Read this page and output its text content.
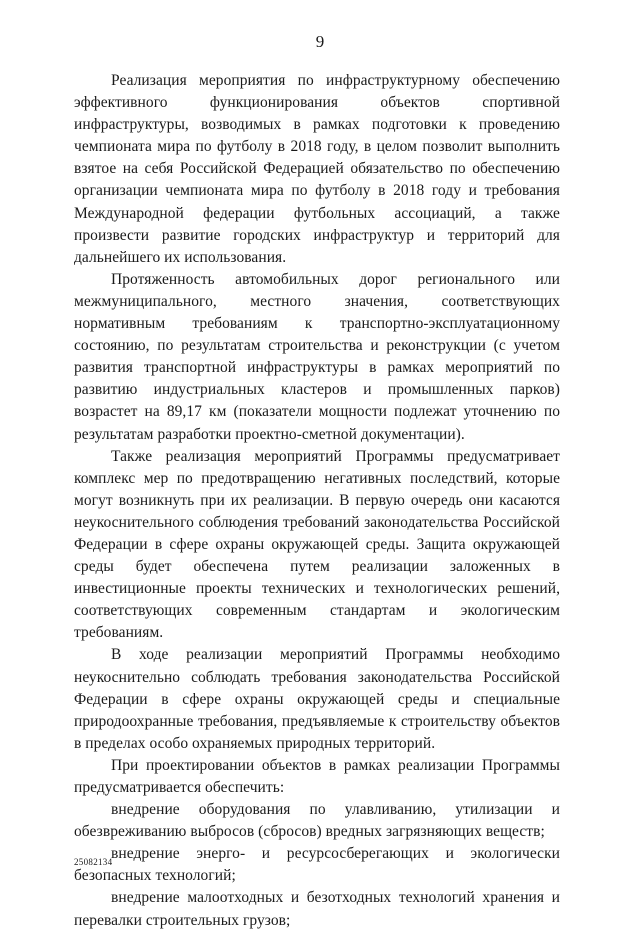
9

Реализация мероприятия по инфраструктурному обеспечению эффективного функционирования объектов спортивной инфраструктуры, возводимых в рамках подготовки к проведению чемпионата мира по футболу в 2018 году, в целом позволит выполнить взятое на себя Российской Федерацией обязательство по обеспечению организации чемпионата мира по футболу в 2018 году и требования Международной федерации футбольных ассоциаций, а также произвести развитие городских инфраструктур и территорий для дальнейшего их использования.

Протяженность автомобильных дорог регионального или межмуниципального, местного значения, соответствующих нормативным требованиям к транспортно-эксплуатационному состоянию, по результатам строительства и реконструкции (с учетом развития транспортной инфраструктуры в рамках мероприятий по развитию индустриальных кластеров и промышленных парков) возрастет на 89,17 км (показатели мощности подлежат уточнению по результатам разработки проектно-сметной документации).

Также реализация мероприятий Программы предусматривает комплекс мер по предотвращению негативных последствий, которые могут возникнуть при их реализации. В первую очередь они касаются неукоснительного соблюдения требований законодательства Российской Федерации в сфере охраны окружающей среды. Защита окружающей среды будет обеспечена путем реализации заложенных в инвестиционные проекты технических и технологических решений, соответствующих современным стандартам и экологическим требованиям.

В ходе реализации мероприятий Программы необходимо неукоснительно соблюдать требования законодательства Российской Федерации в сфере охраны окружающей среды и специальные природоохранные требования, предъявляемые к строительству объектов в пределах особо охраняемых природных территорий.

При проектировании объектов в рамках реализации Программы предусматривается обеспечить:

внедрение оборудования по улавливанию, утилизации и обезвреживанию выбросов (сбросов) вредных загрязняющих веществ;

внедрение энерго- и ресурсосберегающих и экологически безопасных технологий;

внедрение малоотходных и безотходных технологий хранения и перевалки строительных грузов;

25082134
